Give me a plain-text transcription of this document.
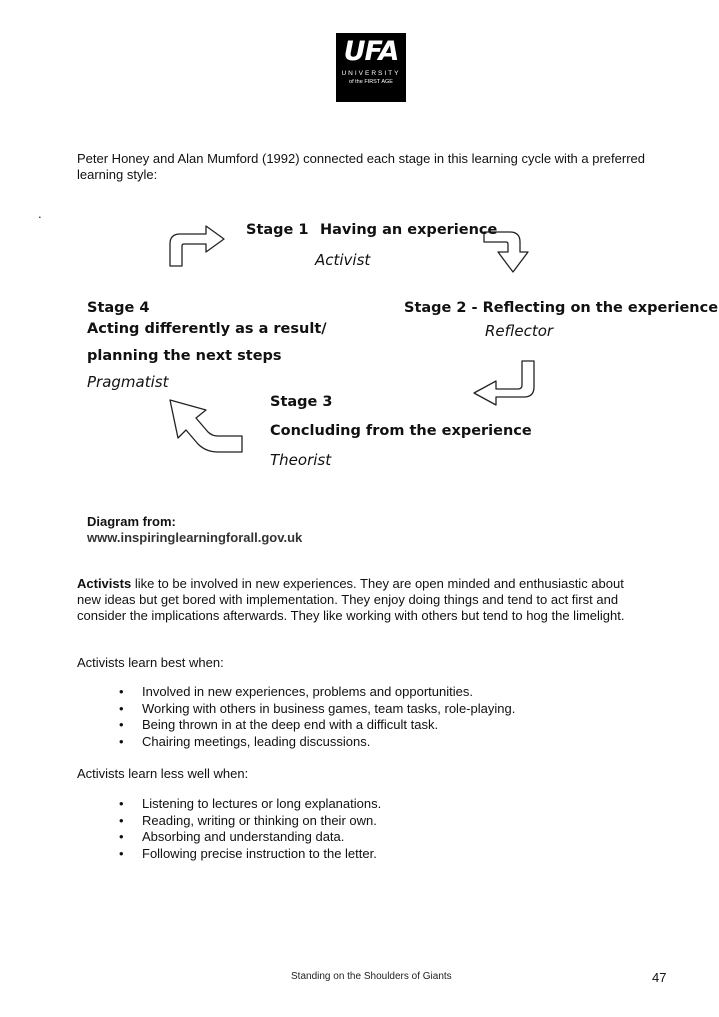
UFA
UNIVERSITY
of the FIRST AGE
Peter Honey and Alan Mumford (1992) connected each stage in this learning cycle with a preferred learning style:
.
Stage 1 Having an experience
Activist
Stage 2 - Reflecting on the experience
Reflector
Stage 4
Acting differently as a result/
planning the next steps
Pragmatist
Stage 3
Concluding from the experience
Theorist
Diagram from:
www.inspiringlearningforall.gov.uk
Activists like to be involved in new experiences. They are open minded and enthusiastic about new ideas but get bored with implementation. They enjoy doing things and tend to act first and consider the implications afterwards. They like working with others but tend to hog the limelight.
Activists learn best when:
• Involved in new experiences, problems and opportunities.
• Working with others in business games, team tasks, role-playing.
• Being thrown in at the deep end with a difficult task.
• Chairing meetings, leading discussions.
Activists learn less well when:
• Listening to lectures or long explanations.
• Reading, writing or thinking on their own.
• Absorbing and understanding data.
• Following precise instruction to the letter.
Standing on the Shoulders of Giants	47
